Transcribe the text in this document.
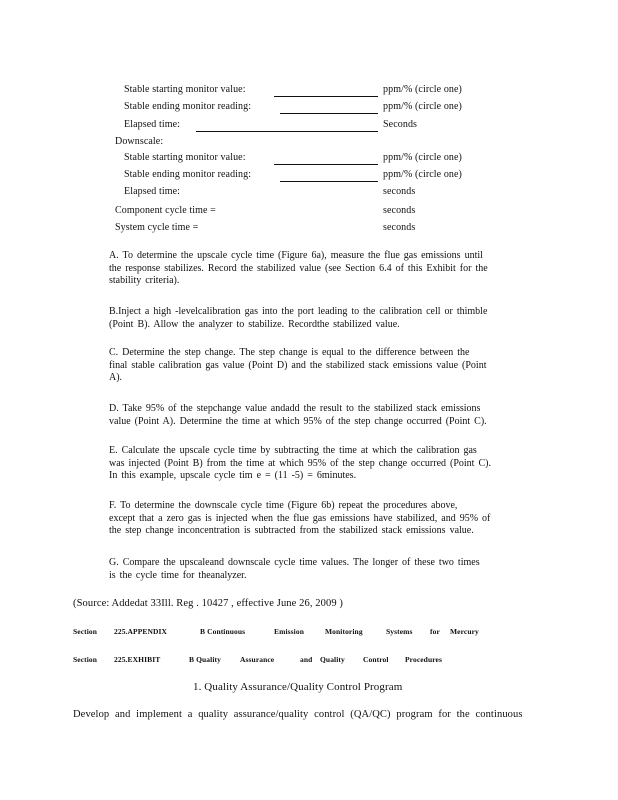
Stable starting monitor value:	ppm/% (circle one)
Stable ending monitor reading:	ppm/% (circle one)
Elapsed time:	Seconds
Downscale:
Stable starting monitor value:	ppm/% (circle one)
Stable ending monitor reading:	ppm/% (circle one)
Elapsed time:	seconds
Component cycle time =	seconds
System cycle time =	seconds
A. To determine the upscale cycle time (Figure 6a), measure the flue gas emissions until
the response stabilizes. Record the stabilized value (see Section 6.4 of this Exhibit for the
stability criteria).
B.Inject a high -levelcalibration gas into the port leading to the calibration cell or thimble
(Point B). Allow the analyzer to stabilize. Recordthe stabilized value.
C. Determine the step change. The step change is equal to the difference between the
final stable calibration gas value (Point D) and the stabilized stack emissions value (Point
A).
D. Take 95% of the stepchange value andadd the result to the stabilized stack emissions
value (Point A). Determine the time at which 95% of the step change occurred (Point C).
E. Calculate the upscale cycle time by subtracting the time at which the calibration gas
was injected (Point B) from the time at which 95% of the step change occurred (Point C).
In this example, upscale cycle tim e = (11 -5) = 6minutes.
F. To determine the downscale cycle time (Figure 6b) repeat the procedures above,
except that a zero gas is injected when the flue gas emissions have stabilized, and 95% of
the step change inconcentration is subtracted from the stabilized stack emissions value.
G. Compare the upscaleand downscale cycle time values. The longer of these two times
is the cycle time for theanalyzer.
(Source: Addedat 33Ill. Reg . 10427 , effective June 26, 2009 )
Section 225.APPENDIX	B Continuous	Emission	Monitoring	Systems for Mercury
Section 225.EXHIBIT	B Quality	Assurance	and Quality Control Procedures
1. Quality Assurance/Quality Control Program
Develop and implement a quality assurance/quality control (QA/QC) program for the continuous
